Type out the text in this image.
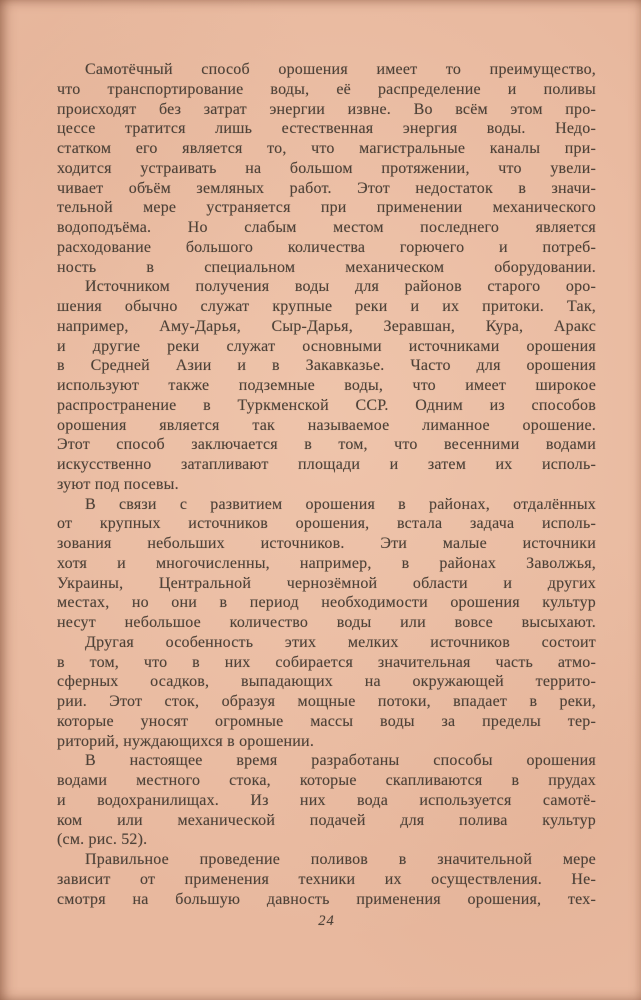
Самотёчный способ орошения имеет то преимущество,
что транспортирование воды, её распределение и поливы
происходят без затрат энергии извне. Во всём этом про-
цессе тратится лишь естественная энергия воды. Недо-
статком его является то, что магистральные каналы при-
ходится устраивать на большом протяжении, что увели-
чивает объём земляных работ. Этот недостаток в значи-
тельной мере устраняется при применении механического
водоподъёма. Но слабым местом последнего является
расходование большого количества горючего и потреб-
ность в специальном механическом оборудовании.
Источником получения воды для районов старого оро-
шения обычно служат крупные реки и их притоки. Так,
например, Аму-Дарья, Сыр-Дарья, Зеравшан, Кура, Аракс
и другие реки служат основными источниками орошения
в Средней Азии и в Закавказье. Часто для орошения
используют также подземные воды, что имеет широкое
распространение в Туркменской ССР. Одним из способов
орошения является так называемое лиманное орошение.
Этот способ заключается в том, что весенними водами
искусственно затапливают площади и затем их исполь-
зуют под посевы.
В связи с развитием орошения в районах, отдалённых
от крупных источников орошения, встала задача исполь-
зования небольших источников. Эти малые источники
хотя и многочисленны, например, в районах Заволжья,
Украины, Центральной чернозёмной области и других
местах, но они в период необходимости орошения культур
несут небольшое количество воды или вовсе высыхают.
Другая особенность этих мелких источников состоит
в том, что в них собирается значительная часть атмо-
сферных осадков, выпадающих на окружающей террито-
рии. Этот сток, образуя мощные потоки, впадает в реки,
которые уносят огромные массы воды за пределы тер-
риторий, нуждающихся в орошении.
В настоящее время разработаны способы орошения
водами местного стока, которые скапливаются в прудах
и водохранилищах. Из них вода используется самотё-
ком или механической подачей для полива культур
(см. рис. 52).
Правильное проведение поливов в значительной мере
зависит от применения техники их осуществления. Не-
смотря на большую давность применения орошения, тех-
24
